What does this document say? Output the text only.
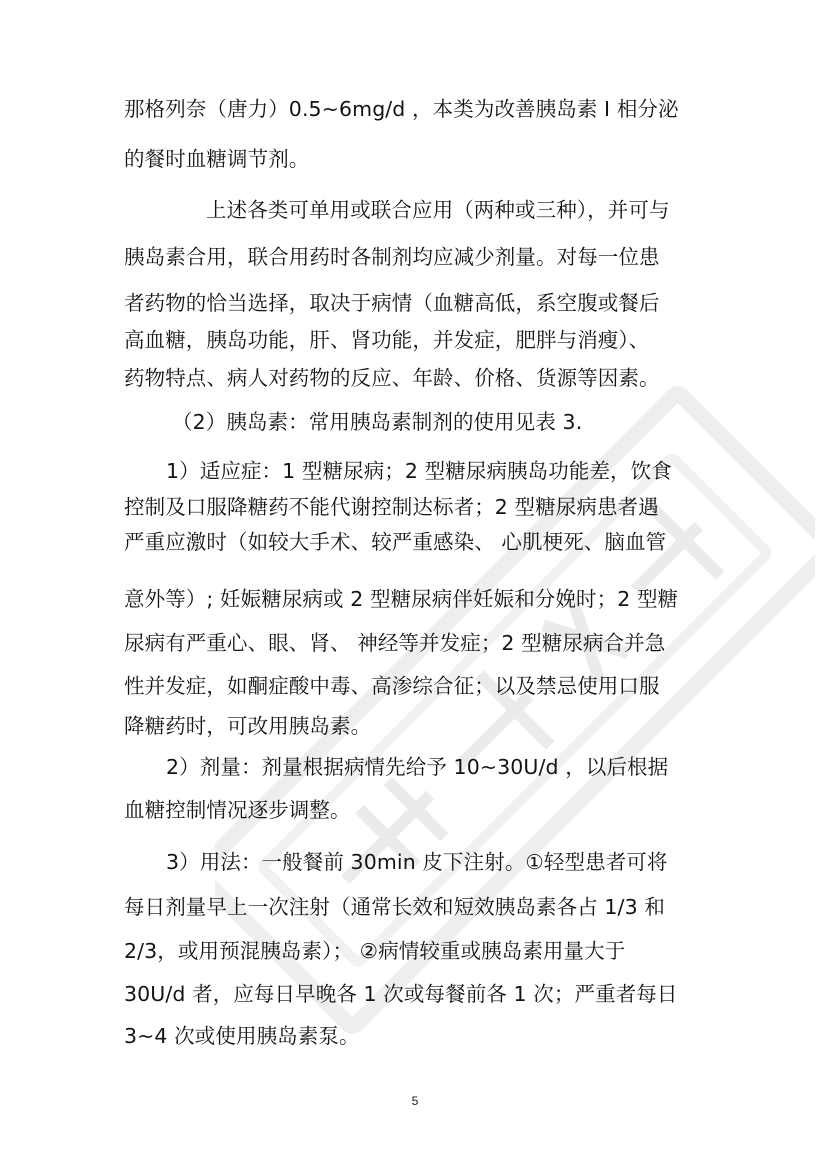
那格列奈（唐力）0.5~6mg/d ，本类为改善胰岛素 I 相分泌
的餐时血糖调节剂。
上述各类可单用或联合应用（两种或三种），并可与
胰岛素合用，联合用药时各制剂均应减少剂量。对每一位患
者药物的恰当选择，取决于病情（血糖高低，系空腹或餐后
高血糖，胰岛功能，肝、肾功能，并发症，肥胖与消瘦）、
药物特点、病人对药物的反应、年龄、价格、货源等因素。
（2）胰岛素：常用胰岛素制剂的使用见表 3.
1）适应症：1 型糖尿病；2 型糖尿病胰岛功能差，饮食
控制及口服降糖药不能代谢控制达标者；2 型糖尿病患者遇
严重应激时（如较大手术、较严重感染、 心肌梗死、脑血管
意外等）; 妊娠糖尿病或 2 型糖尿病伴妊娠和分娩时；2 型糖
尿病有严重心、眼、肾、 神经等并发症；2 型糖尿病合并急
性并发症，如酮症酸中毒、高渗综合征；以及禁忌使用口服
降糖药时，可改用胰岛素。
2）剂量：剂量根据病情先给予 10~30U/d ，以后根据
血糖控制情况逐步调整。
3）用法：一般餐前 30min 皮下注射。①轻型患者可将
每日剂量早上一次注射（通常长效和短效胰岛素各占 1/3 和
2/3，或用预混胰岛素）； ②病情较重或胰岛素用量大于
30U/d 者，应每日早晚各 1 次或每餐前各 1 次；严重者每日
3~4 次或使用胰岛素泵。
5
